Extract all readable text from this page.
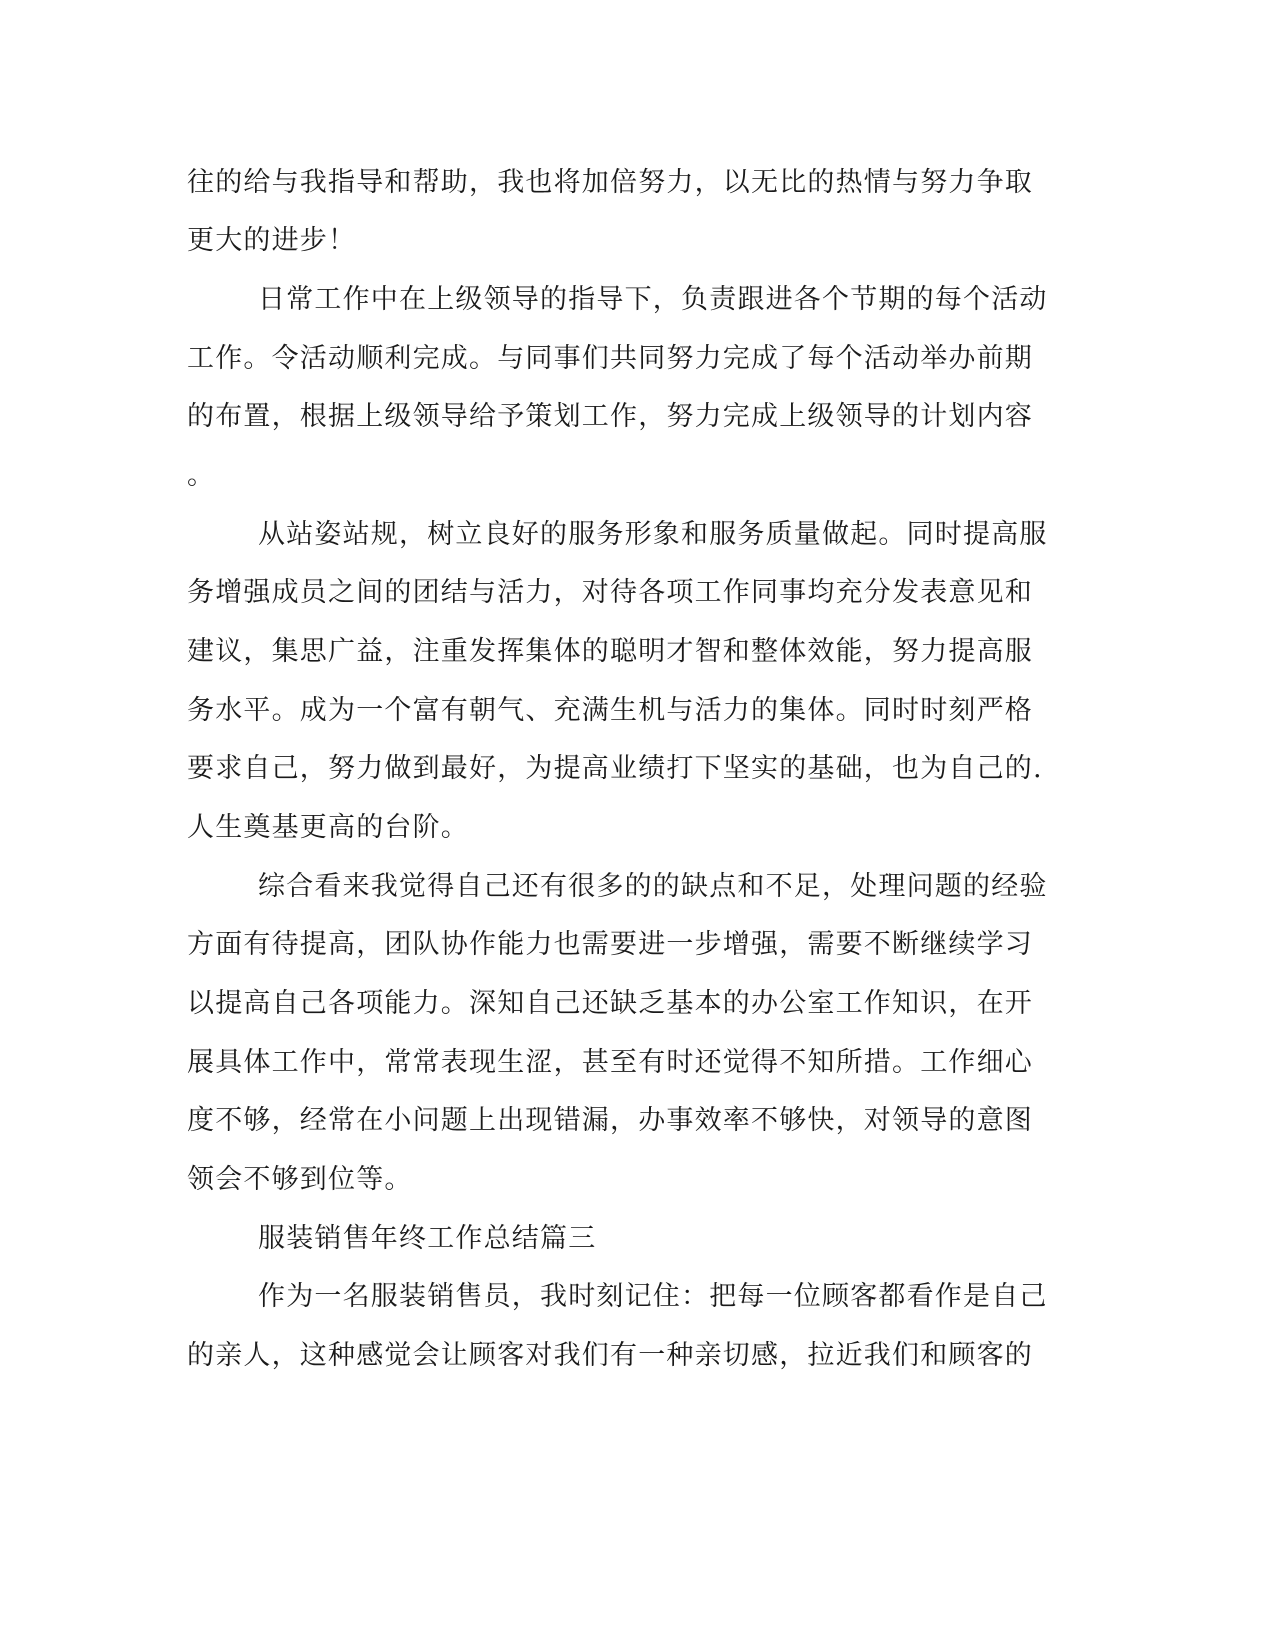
往的给与我指导和帮助，我也将加倍努力，以无比的热情与努力争取
更大的进步！
日常工作中在上级领导的指导下，负责跟进各个节期的每个活动
工作。令活动顺利完成。与同事们共同努力完成了每个活动举办前期
的布置，根据上级领导给予策划工作，努力完成上级领导的计划内容
。
从站姿站规，树立良好的服务形象和服务质量做起。同时提高服
务增强成员之间的团结与活力，对待各项工作同事均充分发表意见和
建议，集思广益，注重发挥集体的聪明才智和整体效能，努力提高服
务水平。成为一个富有朝气、充满生机与活力的集体。同时时刻严格
要求自己，努力做到最好，为提高业绩打下坚实的基础，也为自己的.
人生奠基更高的台阶。
综合看来我觉得自己还有很多的的缺点和不足，处理问题的经验
方面有待提高，团队协作能力也需要进一步增强，需要不断继续学习
以提高自己各项能力。深知自己还缺乏基本的办公室工作知识，在开
展具体工作中，常常表现生涩，甚至有时还觉得不知所措。工作细心
度不够，经常在小问题上出现错漏，办事效率不够快，对领导的意图
领会不够到位等。
服装销售年终工作总结篇三
作为一名服装销售员，我时刻记住：把每一位顾客都看作是自己
的亲人，这种感觉会让顾客对我们有一种亲切感，拉近我们和顾客的
